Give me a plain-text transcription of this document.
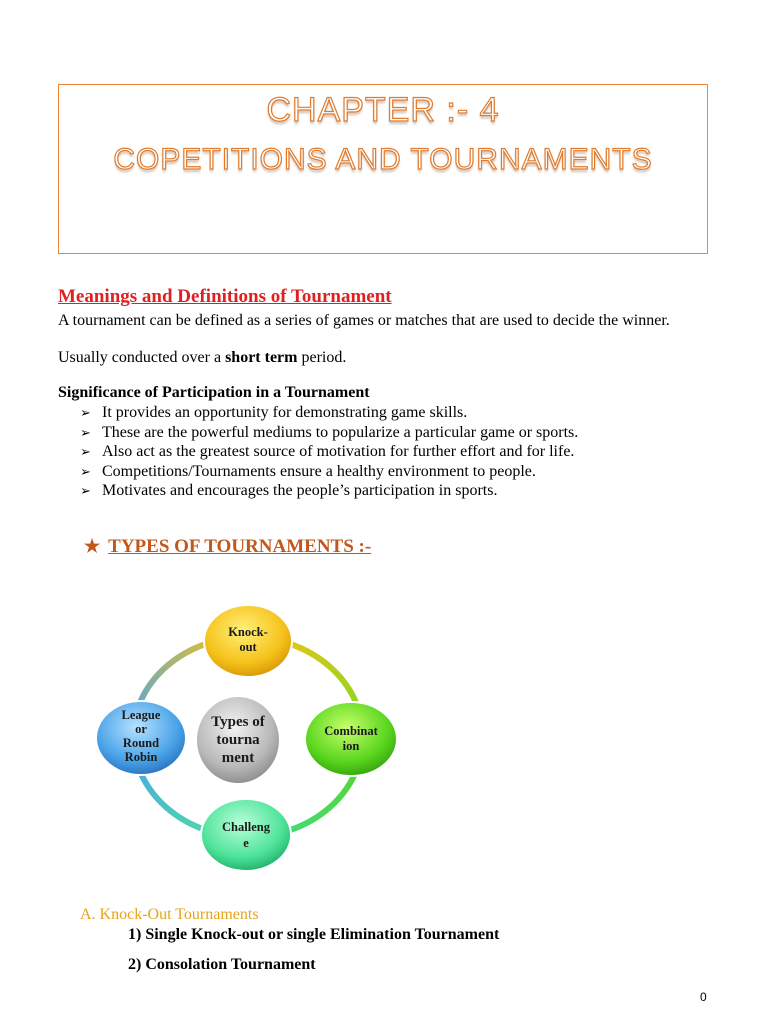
CHAPTER :- 4
COPETITIONS AND TOURNAMENTS
Meanings and Definitions of Tournament
A tournament can be defined as a series of games or matches that are used to decide the winner.
Usually conducted over a short term period.
Significance of Participation in a Tournament
➢ It provides an opportunity for demonstrating game skills.
➢ These are the powerful mediums to popularize a particular game or sports.
➢ Also act as the greatest source of motivation for further effort and for life.
➢ Competitions/Tournaments ensure a healthy environment to people.
➢ Motivates and encourages the people’s participation in sports.
★ TYPES OF TOURNAMENTS :-
Types of
tourna
ment
Knock-
out
Combinat
ion
Challeng
e
League
or
Round
Robin
A. Knock-Out Tournaments
1) Single Knock-out or single Elimination Tournament
2) Consolation Tournament
0
